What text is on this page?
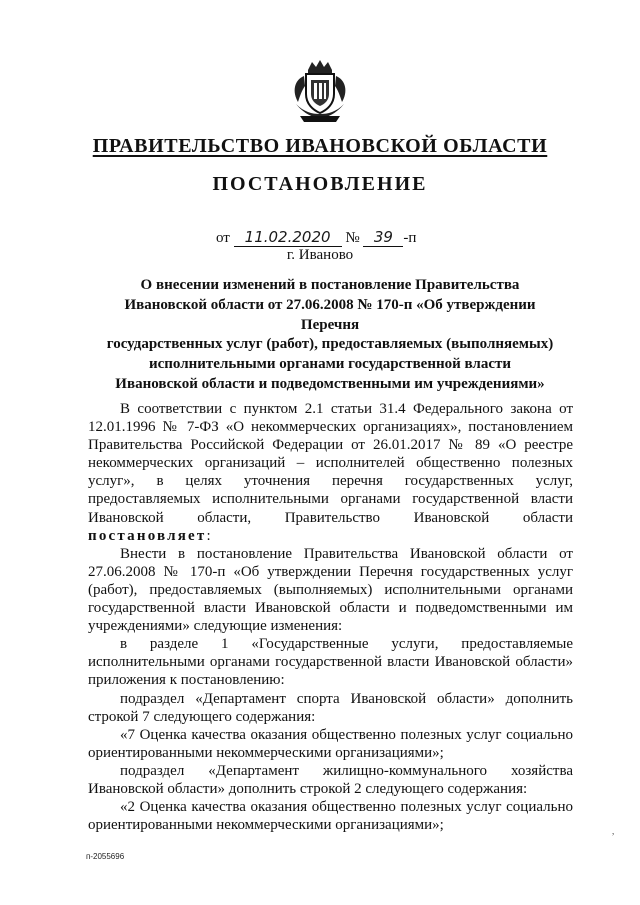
ПРАВИТЕЛЬСТВО ИВАНОВСКОЙ ОБЛАСТИ
ПОСТАНОВЛЕНИЕ
от 11.02.2020 № 39 -п
г. Иваново
О внесении изменений в постановление Правительства
Ивановской области от 27.06.2008 № 170-п «Об утверждении Перечня
государственных услуг (работ), предоставляемых (выполняемых)
исполнительными органами государственной власти
Ивановской области и подведомственными им учреждениями»

В соответствии с пунктом 2.1 статьи 31.4 Федерального закона от 12.01.1996 № 7-ФЗ «О некоммерческих организациях», постановлением Правительства Российской Федерации от 26.01.2017 № 89 «О реестре некоммерческих организаций – исполнителей общественно полезных услуг», в целях уточнения перечня государственных услуг, предоставляемых исполнительными органами государственной власти Ивановской области, Правительство Ивановской области постановляет:

Внести в постановление Правительства Ивановской области от 27.06.2008 № 170-п «Об утверждении Перечня государственных услуг (работ), предоставляемых (выполняемых) исполнительными органами государственной власти Ивановской области и подведомственными им учреждениями» следующие изменения:

в разделе 1 «Государственные услуги, предоставляемые исполнительными органами государственной власти Ивановской области» приложения к постановлению:

подраздел «Департамент спорта Ивановской области» дополнить строкой 7 следующего содержания:

«7 Оценка качества оказания общественно полезных услуг социально ориентированными некоммерческими организациями»;

подраздел «Департамент жилищно-коммунального хозяйства Ивановской области» дополнить строкой 2 следующего содержания:

«2 Оценка качества оказания общественно полезных услуг социально ориентированными некоммерческими организациями»;	,
п-2055696
